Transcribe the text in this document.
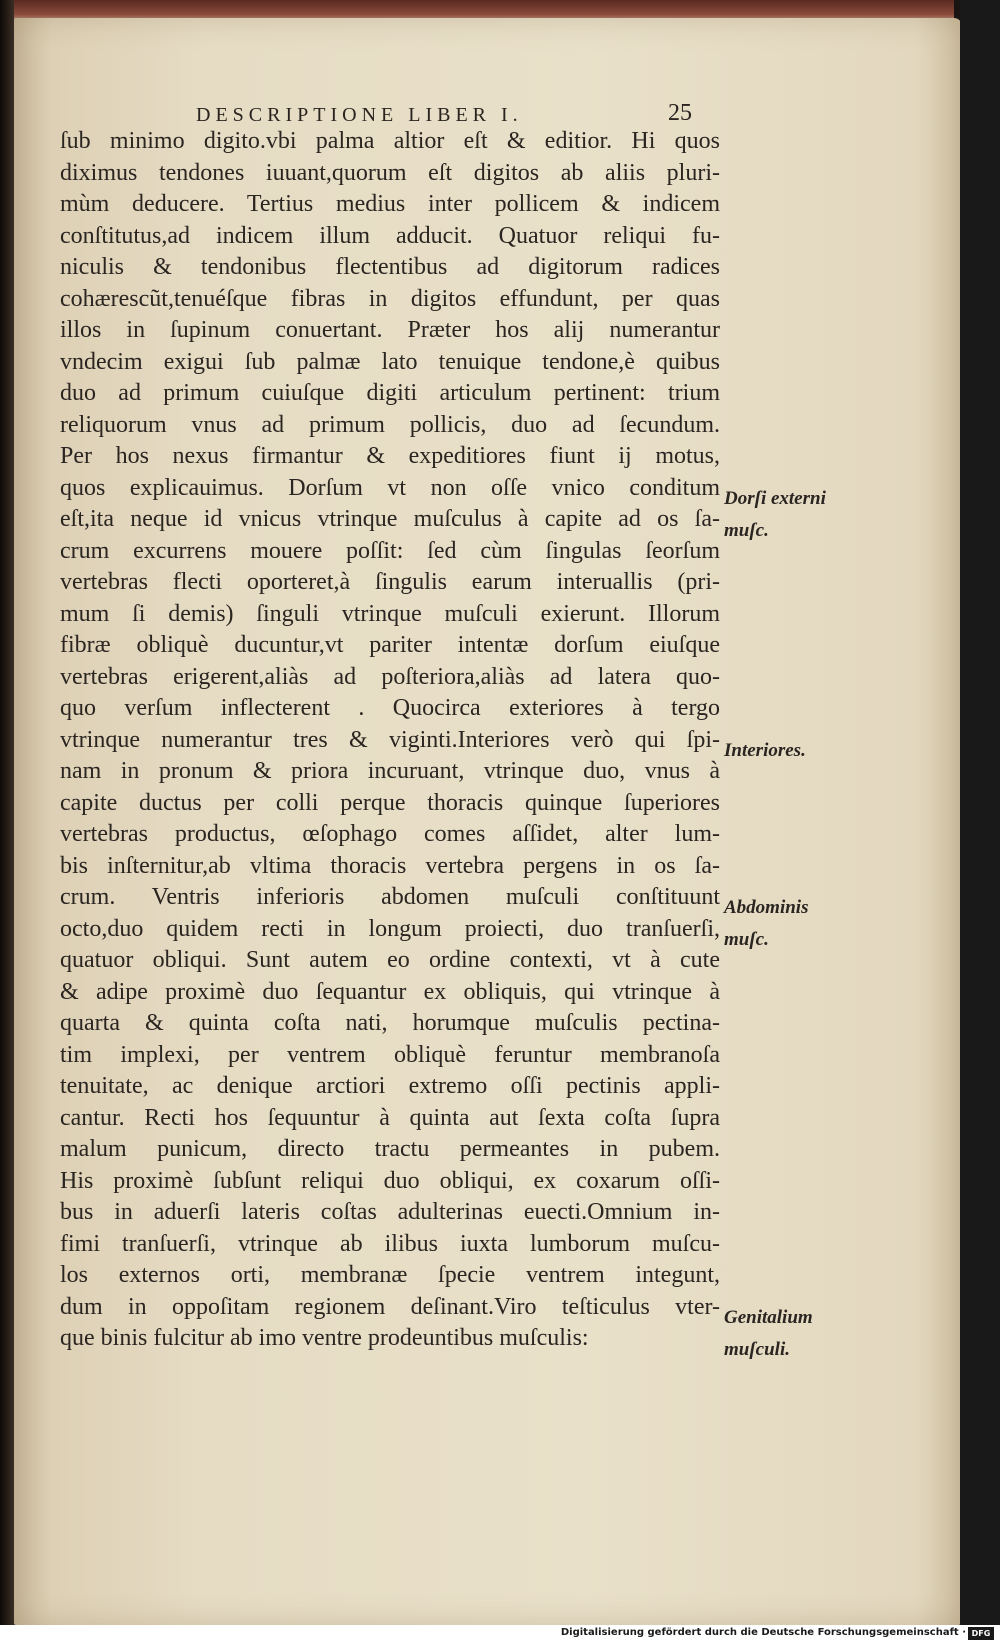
DESCRIPTIONE LIBER I.	25
ſub minimo digito.vbi palma altior eſt & editior. Hi quos
diximus tendones iuuant,quorum eſt digitos ab aliis pluri-
mùm deducere. Tertius medius inter pollicem & indicem
conſtitutus,ad indicem illum adducit. Quatuor reliqui fu-
niculis & tendonibus flectentibus ad digitorum radices
cohærescũt,tenuéſque fibras in digitos effundunt, per quas
illos in ſupinum conuertant. Præter hos alij numerantur
vndecim exigui ſub palmæ lato tenuique tendone,è quibus
duo ad primum cuiuſque digiti articulum pertinent: trium
reliquorum vnus ad primum pollicis, duo ad ſecundum.
Per hos nexus firmantur & expeditiores fiunt ij motus,
quos explicauimus. Dorſum vt non oſſe vnico conditum
eſt,ita neque id vnicus vtrinque muſculus à capite ad os ſa-
crum excurrens mouere poſſit: ſed cùm ſingulas ſeorſum
vertebras flecti oporteret,à ſingulis earum interuallis (pri-
mum ſi demis) ſinguli vtrinque muſculi exierunt. Illorum
fibræ obliquè ducuntur,vt pariter intentæ dorſum eiuſque
vertebras erigerent,aliàs ad poſteriora,aliàs ad latera quo-
quo verſum inflecterent . Quocirca exteriores à tergo
vtrinque numerantur tres & viginti.Interiores verò qui ſpi-
nam in pronum & priora incuruant, vtrinque duo, vnus à
capite ductus per colli perque thoracis quinque ſuperiores
vertebras productus, œſophago comes aſſidet, alter lum-
bis inſternitur,ab vltima thoracis vertebra pergens in os ſa-
crum. Ventris inferioris abdomen muſculi conſtituunt
octo,duo quidem recti in longum proiecti, duo tranſuerſi,
quatuor obliqui. Sunt autem eo ordine contexti, vt à cute
& adipe proximè duo ſequantur ex obliquis, qui vtrinque à
quarta & quinta coſta nati, horumque muſculis pectina-
tim implexi, per ventrem obliquè feruntur membranoſa
tenuitate, ac denique arctiori extremo oſſi pectinis appli-
cantur. Recti hos ſequuntur à quinta aut ſexta coſta ſupra
malum punicum, directo tractu permeantes in pubem.
His proximè ſubſunt reliqui duo obliqui, ex coxarum oſſi-
bus in aduerſi lateris coſtas adulterinas euecti.Omnium in-
fimi tranſuerſi, vtrinque ab ilibus iuxta lumborum muſcu-
los externos orti, membranæ ſpecie ventrem integunt,
dum in oppoſitam regionem deſinant.Viro teſticulus vter-
que binis fulcitur ab imo ventre prodeuntibus muſculis:
Dorſi externi
muſc.
Interiores.
Abdominis
muſc.
Genitalium
muſculi.
Digitalisierung gefördert durch die Deutsche Forschungsgemeinschaft · DFG
